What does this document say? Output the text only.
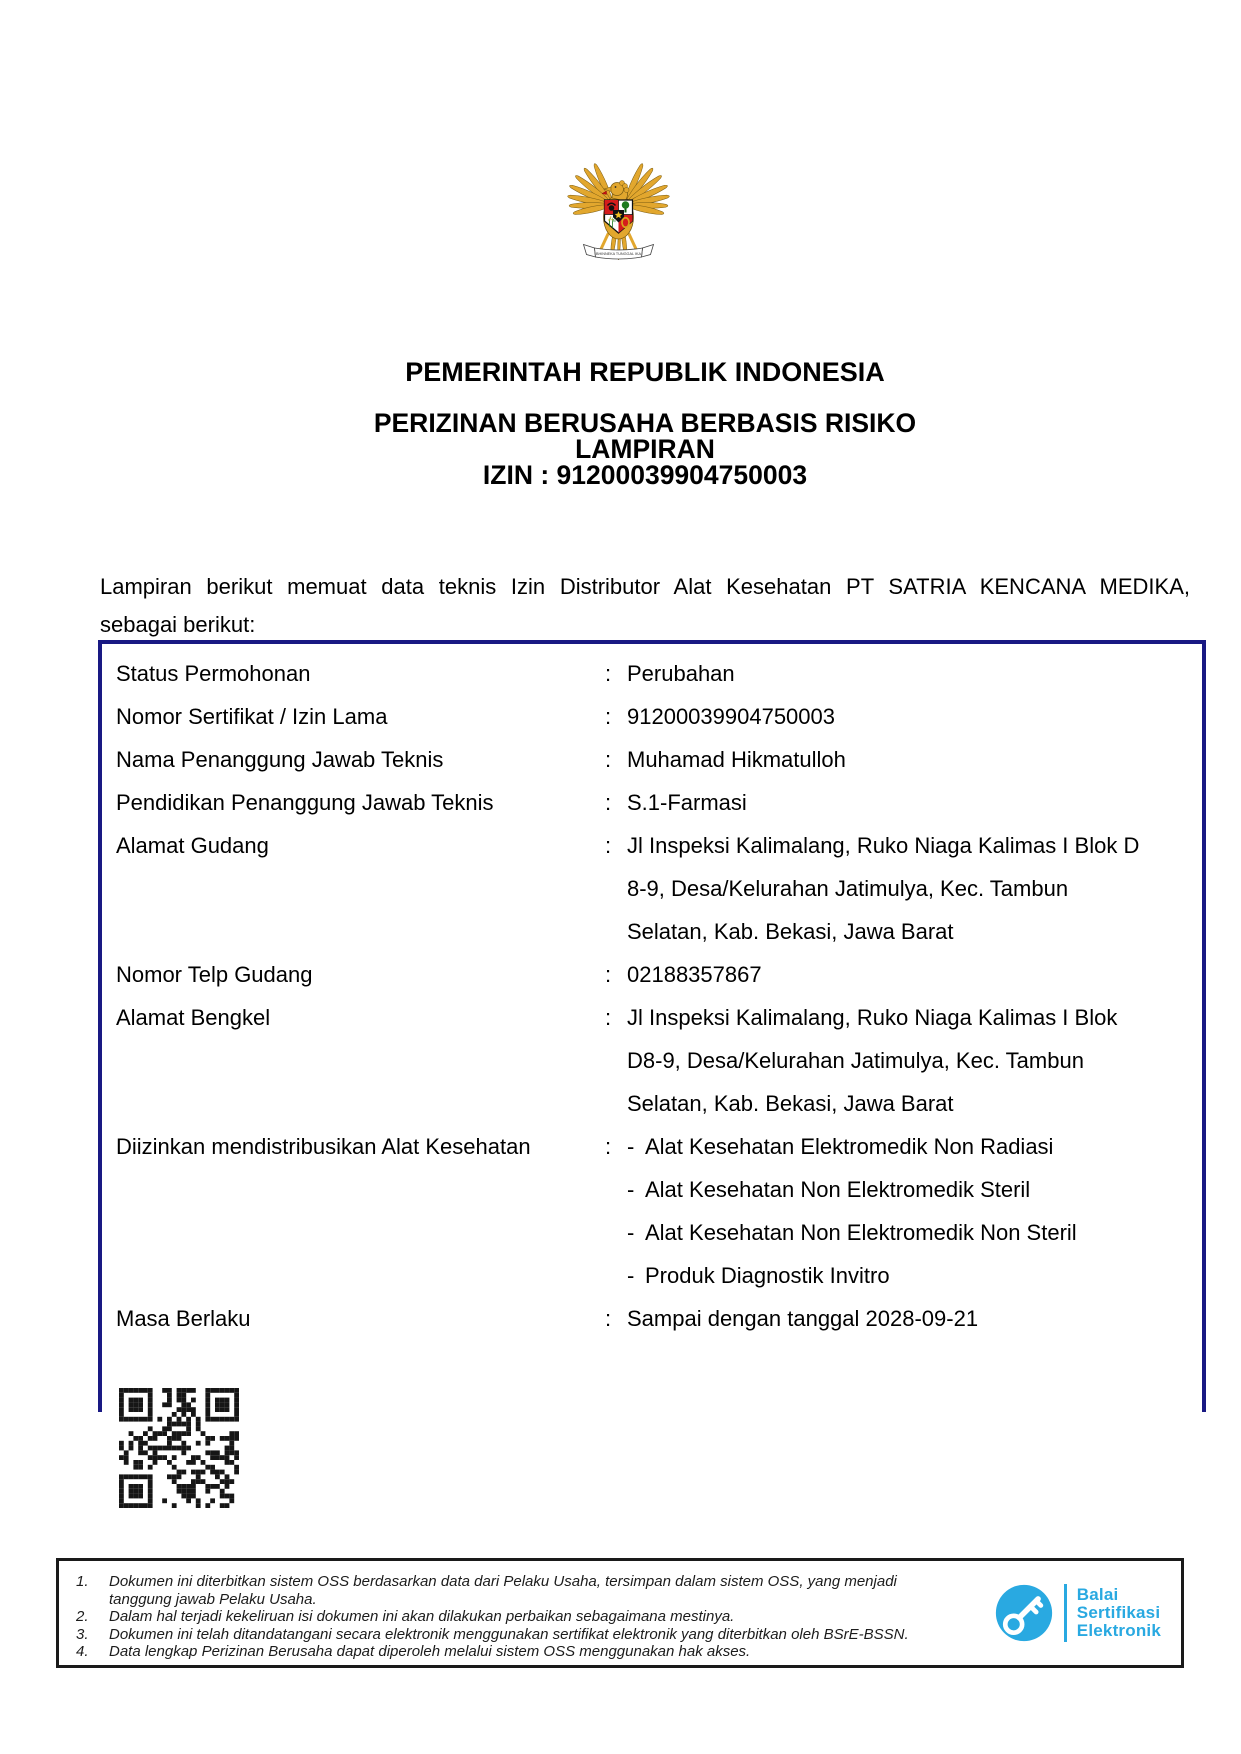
BHINNEKA TUNGGAL IKA
PEMERINTAH REPUBLIK INDONESIA
PERIZINAN BERUSAHA BERBASIS RISIKO
LAMPIRAN
IZIN : 91200039904750003
Lampiran berikut memuat data teknis Izin Distributor Alat Kesehatan PT SATRIA KENCANA MEDIKA,
sebagai berikut:
Status Permohonan	: Perubahan
Nomor Sertifikat / Izin Lama	: 91200039904750003
Nama Penanggung Jawab Teknis	: Muhamad Hikmatulloh
Pendidikan Penanggung Jawab Teknis	: S.1-Farmasi
Alamat Gudang	: Jl Inspeksi Kalimalang, Ruko Niaga Kalimas I Blok D
8-9, Desa/Kelurahan Jatimulya, Kec. Tambun
Selatan, Kab. Bekasi, Jawa Barat
Nomor Telp Gudang	: 02188357867
Alamat Bengkel	: Jl Inspeksi Kalimalang, Ruko Niaga Kalimas I Blok
D8-9, Desa/Kelurahan Jatimulya, Kec. Tambun
Selatan, Kab. Bekasi, Jawa Barat
Diizinkan mendistribusikan Alat Kesehatan	: - Alat Kesehatan Elektromedik Non Radiasi
- Alat Kesehatan Non Elektromedik Steril
- Alat Kesehatan Non Elektromedik Non Steril
- Produk Diagnostik Invitro
Masa Berlaku	: Sampai dengan tanggal 2028-09-21
1.	Dokumen ini diterbitkan sistem OSS berdasarkan data dari Pelaku Usaha, tersimpan dalam sistem OSS, yang menjadi tanggung jawab Pelaku Usaha.
2.	Dalam hal terjadi kekeliruan isi dokumen ini akan dilakukan perbaikan sebagaimana mestinya.
3.	Dokumen ini telah ditandatangani secara elektronik menggunakan sertifikat elektronik yang diterbitkan oleh BSrE-BSSN.
4.	Data lengkap Perizinan Berusaha dapat diperoleh melalui sistem OSS menggunakan hak akses.
Balai
Sertifikasi
Elektronik
